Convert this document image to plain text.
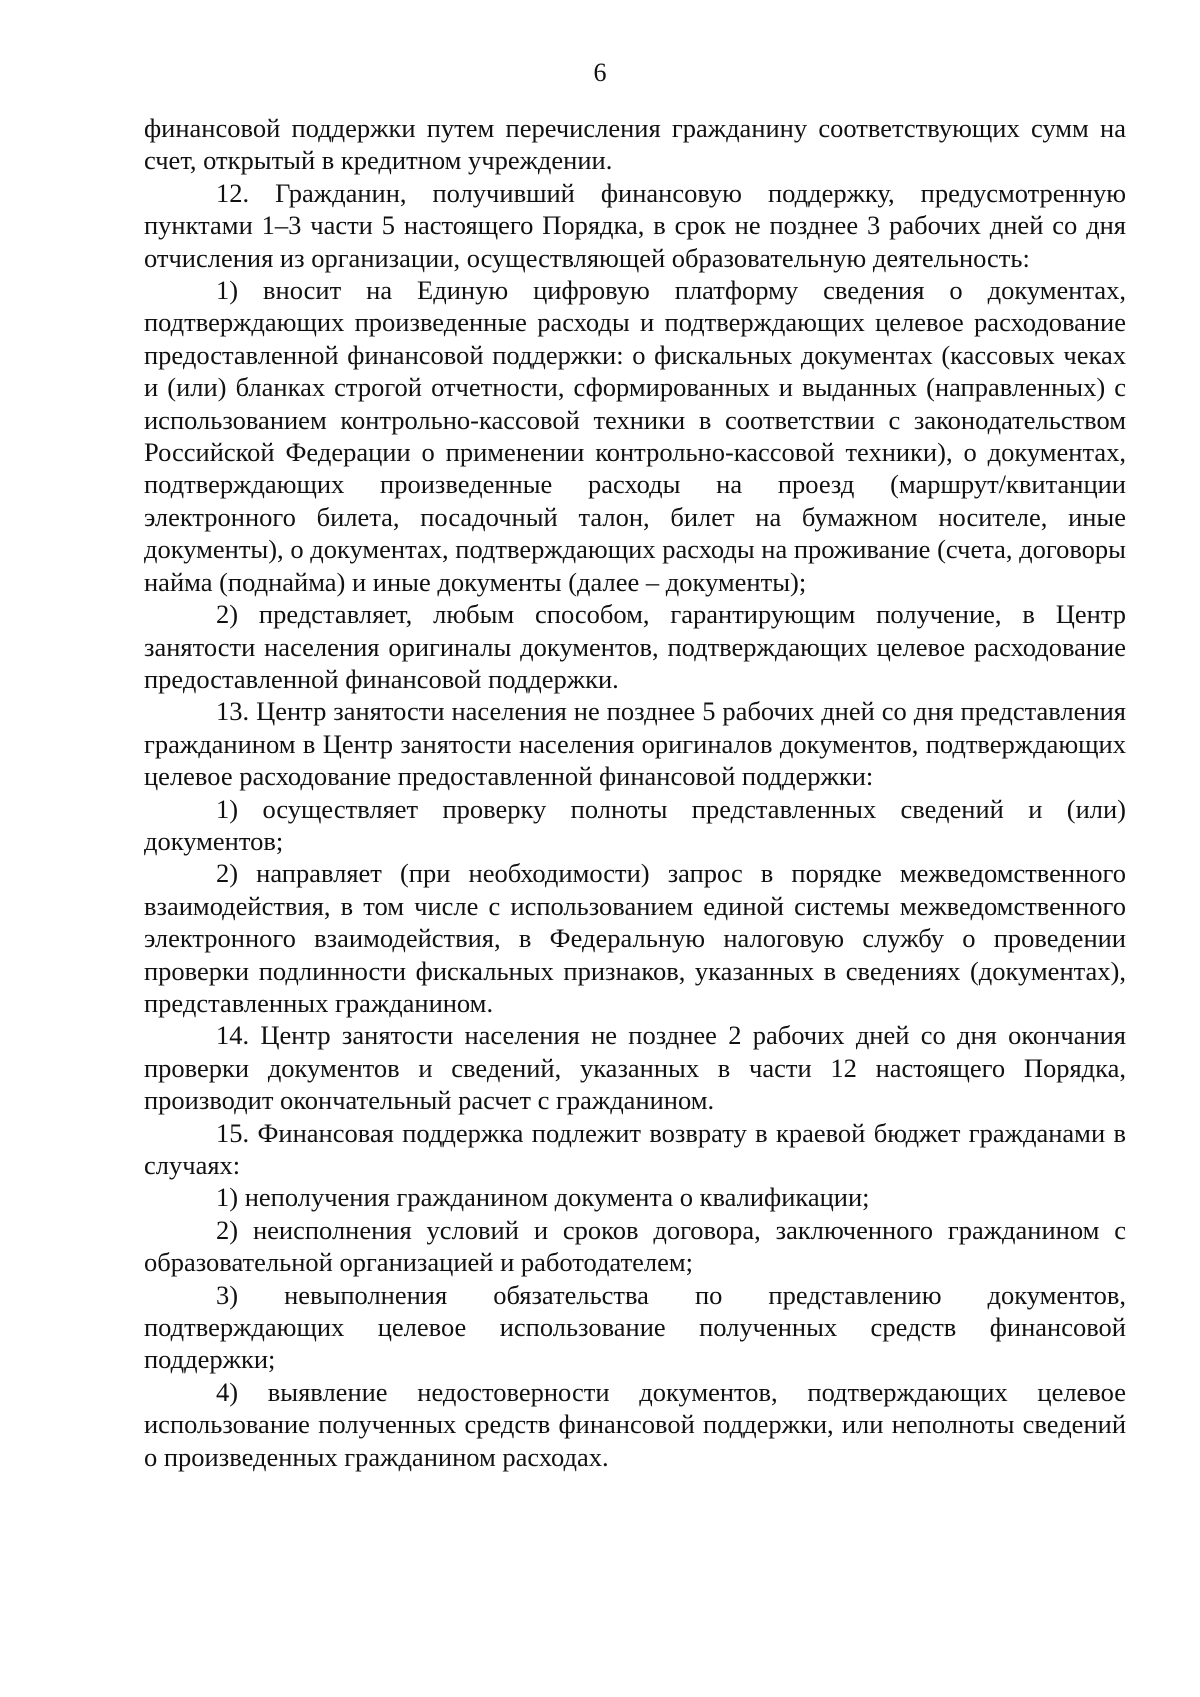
6

финансовой поддержки путем перечисления гражданину соответствующих сумм на счет, открытый в кредитном учреждении.

12. Гражданин, получивший финансовую поддержку, предусмотренную пунктами 1–3 части 5 настоящего Порядка, в срок не позднее 3 рабочих дней со дня отчисления из организации, осуществляющей образовательную деятельность:

1) вносит на Единую цифровую платформу сведения о документах, подтверждающих произведенные расходы и подтверждающих целевое расходование предоставленной финансовой поддержки: о фискальных документах (кассовых чеках и (или) бланках строгой отчетности, сформированных и выданных (направленных) с использованием контрольно-кассовой техники в соответствии с законодательством Российской Федерации о применении контрольно-кассовой техники), о документах, подтверждающих произведенные расходы на проезд (маршрут/квитанции электронного билета, посадочный талон, билет на бумажном носителе, иные документы), о документах, подтверждающих расходы на проживание (счета, договоры найма (поднайма) и иные документы (далее – документы);

2) представляет, любым способом, гарантирующим получение, в Центр занятости населения оригиналы документов, подтверждающих целевое расходование предоставленной финансовой поддержки.

13. Центр занятости населения не позднее 5 рабочих дней со дня представления гражданином в Центр занятости населения оригиналов документов, подтверждающих целевое расходование предоставленной финансовой поддержки:

1) осуществляет проверку полноты представленных сведений и (или) документов;

2) направляет (при необходимости) запрос в порядке межведомственного взаимодействия, в том числе с использованием единой системы межведомственного электронного взаимодействия, в Федеральную налоговую службу о проведении проверки подлинности фискальных признаков, указанных в сведениях (документах), представленных гражданином.

14. Центр занятости населения не позднее 2 рабочих дней со дня окончания проверки документов и сведений, указанных в части 12 настоящего Порядка, производит окончательный расчет с гражданином.

15. Финансовая поддержка подлежит возврату в краевой бюджет гражданами в случаях:

1) неполучения гражданином документа о квалификации;

2) неисполнения условий и сроков договора, заключенного гражданином с образовательной организацией и работодателем;

3) невыполнения обязательства по представлению документов, подтверждающих целевое использование полученных средств финансовой поддержки;

4) выявление недостоверности документов, подтверждающих целевое использование полученных средств финансовой поддержки, или неполноты сведений о произведенных гражданином расходах.
